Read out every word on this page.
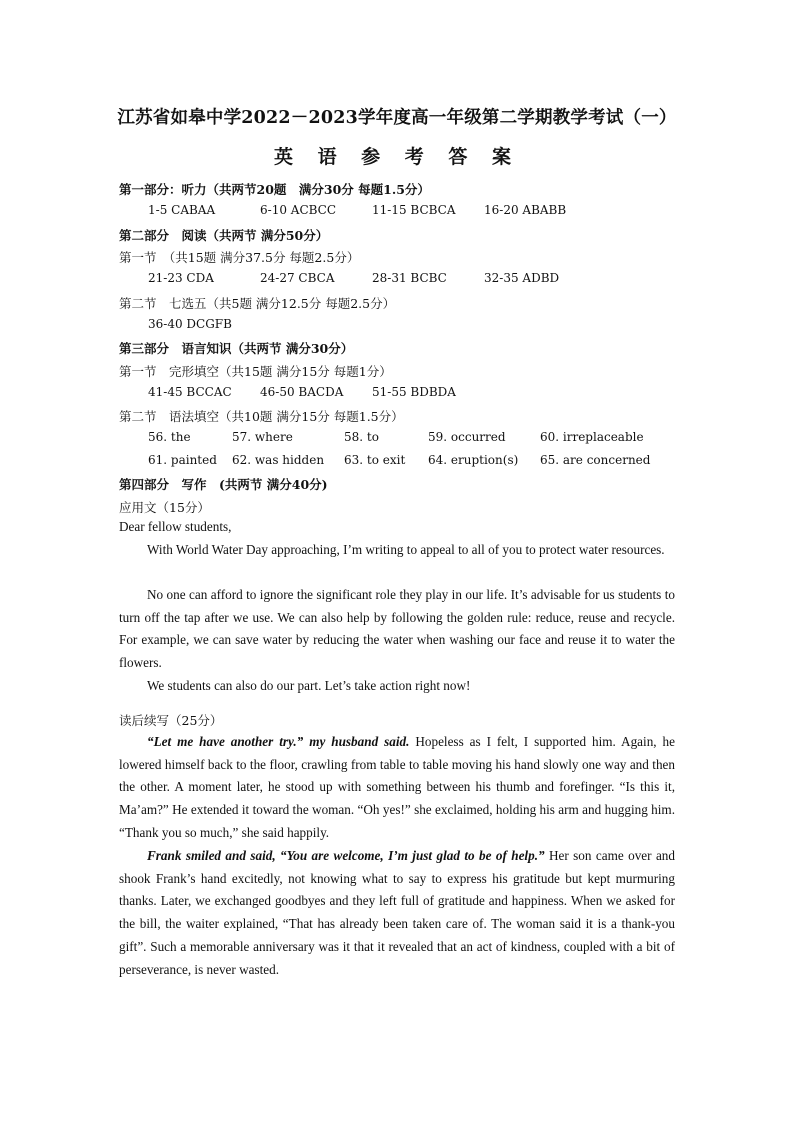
江苏省如皋中学2022－2023学年度高一年级第二学期教学考试（一）
英 语 参 考 答 案
第一部分：听力（共两节20题　满分30分 每题1.5分）
1-5 CABAA	6-10 ACBCC	11-15 BCBCA 16-20 ABABB
第二部分　阅读（共两节 满分50分）
第一节　（共15题 满分37.5分 每题2.5分）
21-23 CDA	24-27 CBCA	28-31 BCBC	32-35 ADBD
第二节　七选五（共5题 满分12.5分 每题2.5分）
36-40 DCGFB
第三部分　语言知识（共两节 满分30分）
第一节　完形填空（共15题 满分15分 每题1分）
41-45 BCCAC 46-50 BACDA 51-55 BDBDA
第二节　语法填空（共10题 满分15分 每题1.5分）
56. the	57. where	58. to	59. occurred	60. irreplaceable
61. painted 62. was hidden 63. to exit 64. eruption(s) 65. are concerned
第四部分　写作　(共两节 满分40分)
应用文（15分）

Dear fellow students,

With World Water Day approaching, I’m writing to appeal to all of you to protect water resources.

No one can afford to ignore the significant role they play in our life. It’s advisable for us students to turn off the tap after we use. We can also help by following the golden rule: reduce, reuse and recycle. For example, we can save water by reducing the water when washing our face and reuse it to water the flowers.

We students can also do our part. Let’s take action right now!

读后续写（25分）

“Let me have another try.” my husband said. Hopeless as I felt, I supported him. Again, he lowered himself back to the floor, crawling from table to table moving his hand slowly one way and then the other. A moment later, he stood up with something between his thumb and forefinger. “Is this it, Ma’am?” He extended it toward the woman. “Oh yes!” she exclaimed, holding his arm and hugging him. “Thank you so much,” she said happily.

Frank smiled and said, “You are welcome, I’m just glad to be of help.” Her son came over and shook Frank’s hand excitedly, not knowing what to say to express his gratitude but kept murmuring thanks. Later, we exchanged goodbyes and they left full of gratitude and happiness. When we asked for the bill, the waiter explained, “That has already been taken care of. The woman said it is a thank-you gift”. Such a memorable anniversary was it that it revealed that an act of kindness, coupled with a bit of perseverance, is never wasted.
